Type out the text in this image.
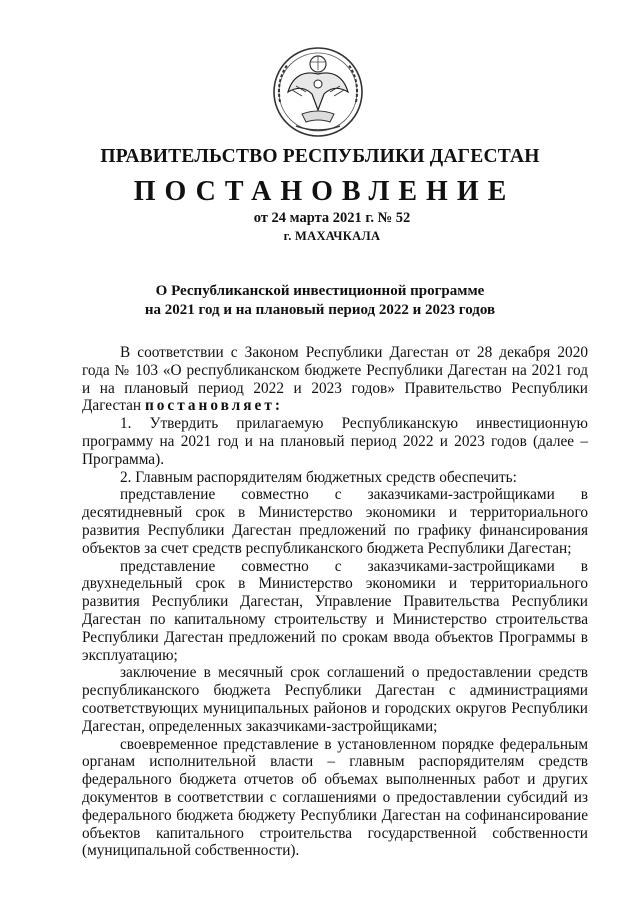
ПРАВИТЕЛЬСТВО РЕСПУБЛИКИ ДАГЕСТАН
ПОСТАНОВЛЕНИЕ
от 24 марта 2021 г. № 52
г. МАХАЧКАЛА
О Республиканской инвестиционной программе
на 2021 год и на плановый период 2022 и 2023 годов

В соответствии с Законом Республики Дагестан от 28 декабря 2020 года № 103 «О республиканском бюджете Республики Дагестан на 2021 год и на плановый период 2022 и 2023 годов» Правительство Республики Дагестан постановляет:

1. Утвердить прилагаемую Республиканскую инвестиционную программу на 2021 год и на плановый период 2022 и 2023 годов (далее – Программа).

2. Главным распорядителям бюджетных средств обеспечить:

представление совместно с заказчиками-застройщиками в десятидневный срок в Министерство экономики и территориального развития Республики Дагестан предложений по графику финансирования объектов за счет средств республиканского бюджета Республики Дагестан;

представление совместно с заказчиками-застройщиками в двухнедельный срок в Министерство экономики и территориального развития Республики Дагестан, Управление Правительства Республики Дагестан по капитальному строительству и Министерство строительства Республики Дагестан предложений по срокам ввода объектов Программы в эксплуатацию;

заключение в месячный срок соглашений о предоставлении средств республиканского бюджета Республики Дагестан с администрациями соответствующих муниципальных районов и городских округов Республики Дагестан, определенных заказчиками-застройщиками;

своевременное представление в установленном порядке федеральным органам исполнительной власти – главным распорядителям средств федерального бюджета отчетов об объемах выполненных работ и других документов в соответствии с соглашениями о предоставлении субсидий из федерального бюджета бюджету Республики Дагестан на софинансирование объектов капитального строительства государственной собственности (муниципальной собственности).
